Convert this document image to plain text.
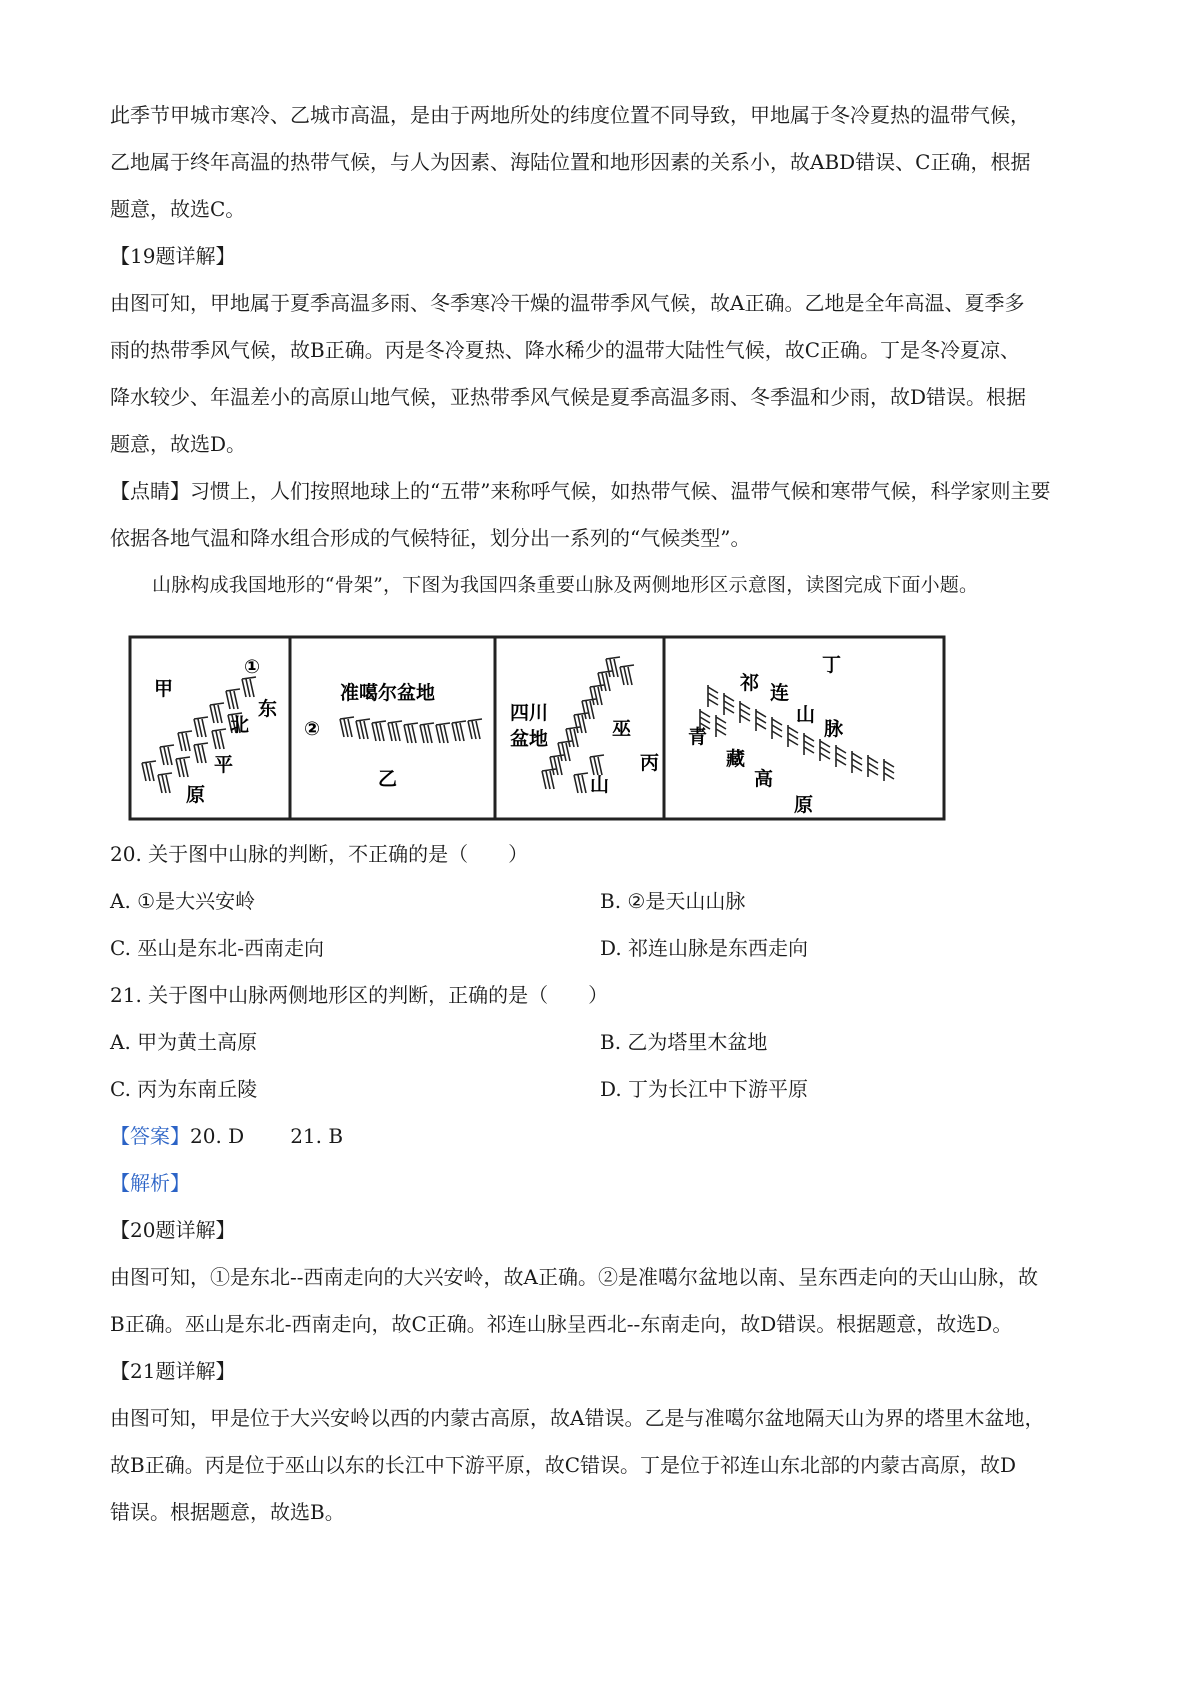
此季节甲城市寒冷、乙城市高温，是由于两地所处的纬度位置不同导致，甲地属于冬冷夏热的温带气候，

乙地属于终年高温的热带气候，与人为因素、海陆位置和地形因素的关系小，故ABD错误、C正确，根据

题意，故选C。

【19题详解】

由图可知，甲地属于夏季高温多雨、冬季寒冷干燥的温带季风气候，故A正确。乙地是全年高温、夏季多

雨的热带季风气候，故B正确。丙是冬冷夏热、降水稀少的温带大陆性气候，故C正确。丁是冬冷夏凉、

降水较少、年温差小的高原山地气候，亚热带季风气候是夏季高温多雨、冬季温和少雨，故D错误。根据

题意，故选D。

【点睛】习惯上，人们按照地球上的“五带”来称呼气候，如热带气候、温带气候和寒带气候，科学家则主要

依据各地气温和降水组合形成的气候特征，划分出一系列的“气候类型”。

山脉构成我国地形的“骨架”，下图为我国四条重要山脉及两侧地形区示意图，读图完成下面小题。

甲
①
东
北
平
原
准噶尔盆地
②
乙
四川
盆地	巫
山
丙
丁
祁 连
山
脉
青
藏
高
原

20. 关于图中山脉的判断，不正确的是（　　）

A. ①是大兴安岭	B. ②是天山山脉
C. 巫山是东北-西南走向	D. 祁连山脉是东西走向

21. 关于图中山脉两侧地形区的判断，正确的是（　　）

A. 甲为黄土高原	B. 乙为塔里木盆地
C. 丙为东南丘陵	D. 丁为长江中下游平原

【答案】20. D 21. B

【解析】

【20题详解】

由图可知，①是东北--西南走向的大兴安岭，故A正确。②是准噶尔盆地以南、呈东西走向的天山山脉，故

B正确。巫山是东北-西南走向，故C正确。祁连山脉呈西北--东南走向，故D错误。根据题意，故选D。

【21题详解】

由图可知，甲是位于大兴安岭以西的内蒙古高原，故A错误。乙是与准噶尔盆地隔天山为界的塔里木盆地，

故B正确。丙是位于巫山以东的长江中下游平原，故C错误。丁是位于祁连山东北部的内蒙古高原，故D

错误。根据题意，故选B。
